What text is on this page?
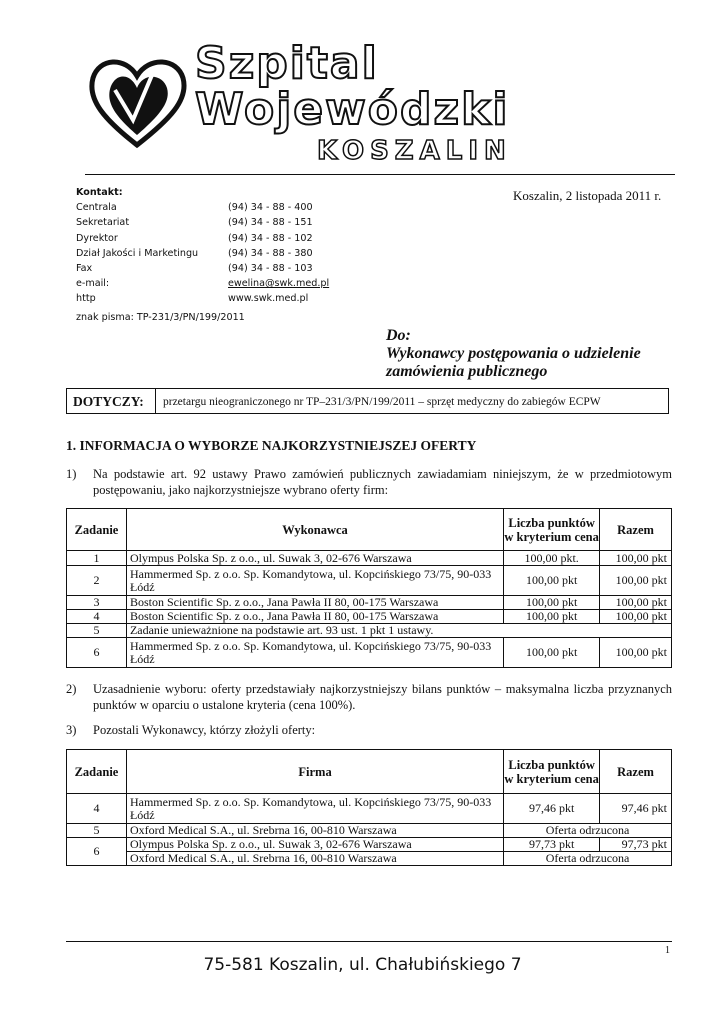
Szpital
Wojewódzki
KOSZALIN
Kontakt:
Centrala	(94) 34 - 88 - 400
Sekretariat	(94) 34 - 88 - 151
Dyrektor	(94) 34 - 88 - 102
Dział Jakości i Marketingu	(94) 34 - 88 - 380
Fax	(94) 34 - 88 - 103
e-mail:	ewelina@swk.med.pl
http	www.swk.med.pl
Koszalin, 2 listopada 2011 r.
znak pisma: TP-231/3/PN/199/2011
Do:
Wykonawcy postępowania o udzielenie
zamówienia publicznego
DOTYCZY:	przetargu nieograniczonego nr TP–231/3/PN/199/2011 – sprzęt medyczny do zabiegów ECPW
1. INFORMACJA O WYBORZE NAJKORZYSTNIEJSZEJ OFERTY
1) Na podstawie art. 92 ustawy Prawo zamówień publicznych zawiadamiam niniejszym, że w przedmiotowym postępowaniu, jako najkorzystniejsze wybrano oferty firm:
Zadanie	Wykonawca	Liczba punktów w kryterium cena	Razem
1	Olympus Polska Sp. z o.o., ul. Suwak 3, 02-676 Warszawa	100,00 pkt.	100,00 pkt
2	Hammermed Sp. z o.o. Sp. Komandytowa, ul. Kopcińskiego 73/75, 90-033 Łódź	100,00 pkt	100,00 pkt
3	Boston Scientific Sp. z o.o., Jana Pawła II 80, 00-175 Warszawa	100,00 pkt	100,00 pkt
4	Boston Scientific Sp. z o.o., Jana Pawła II 80, 00-175 Warszawa	100,00 pkt	100,00 pkt
5	Zadanie unieważnione na podstawie art. 93 ust. 1 pkt 1 ustawy.		
6	Hammermed Sp. z o.o. Sp. Komandytowa, ul. Kopcińskiego 73/75, 90-033 Łódź	100,00 pkt	100,00 pkt
2) Uzasadnienie wyboru: oferty przedstawiały najkorzystniejszy bilans punktów – maksymalna liczba przyznanych punktów w oparciu o ustalone kryteria (cena 100%).
3) Pozostali Wykonawcy, którzy złożyli oferty:
Zadanie	Firma	Liczba punktów w kryterium cena	Razem
4	Hammermed Sp. z o.o. Sp. Komandytowa, ul. Kopcińskiego 73/75, 90-033 Łódź	97,46 pkt	97,46 pkt
5	Oxford Medical S.A., ul. Srebrna 16, 00-810 Warszawa	Oferta odrzucona	
6	Olympus Polska Sp. z o.o., ul. Suwak 3, 02-676 Warszawa	97,73 pkt	97,73 pkt
	Oxford Medical S.A., ul. Srebrna 16, 00-810 Warszawa	Oferta odrzucona	
1
75-581 Koszalin, ul. Chałubińskiego 7
